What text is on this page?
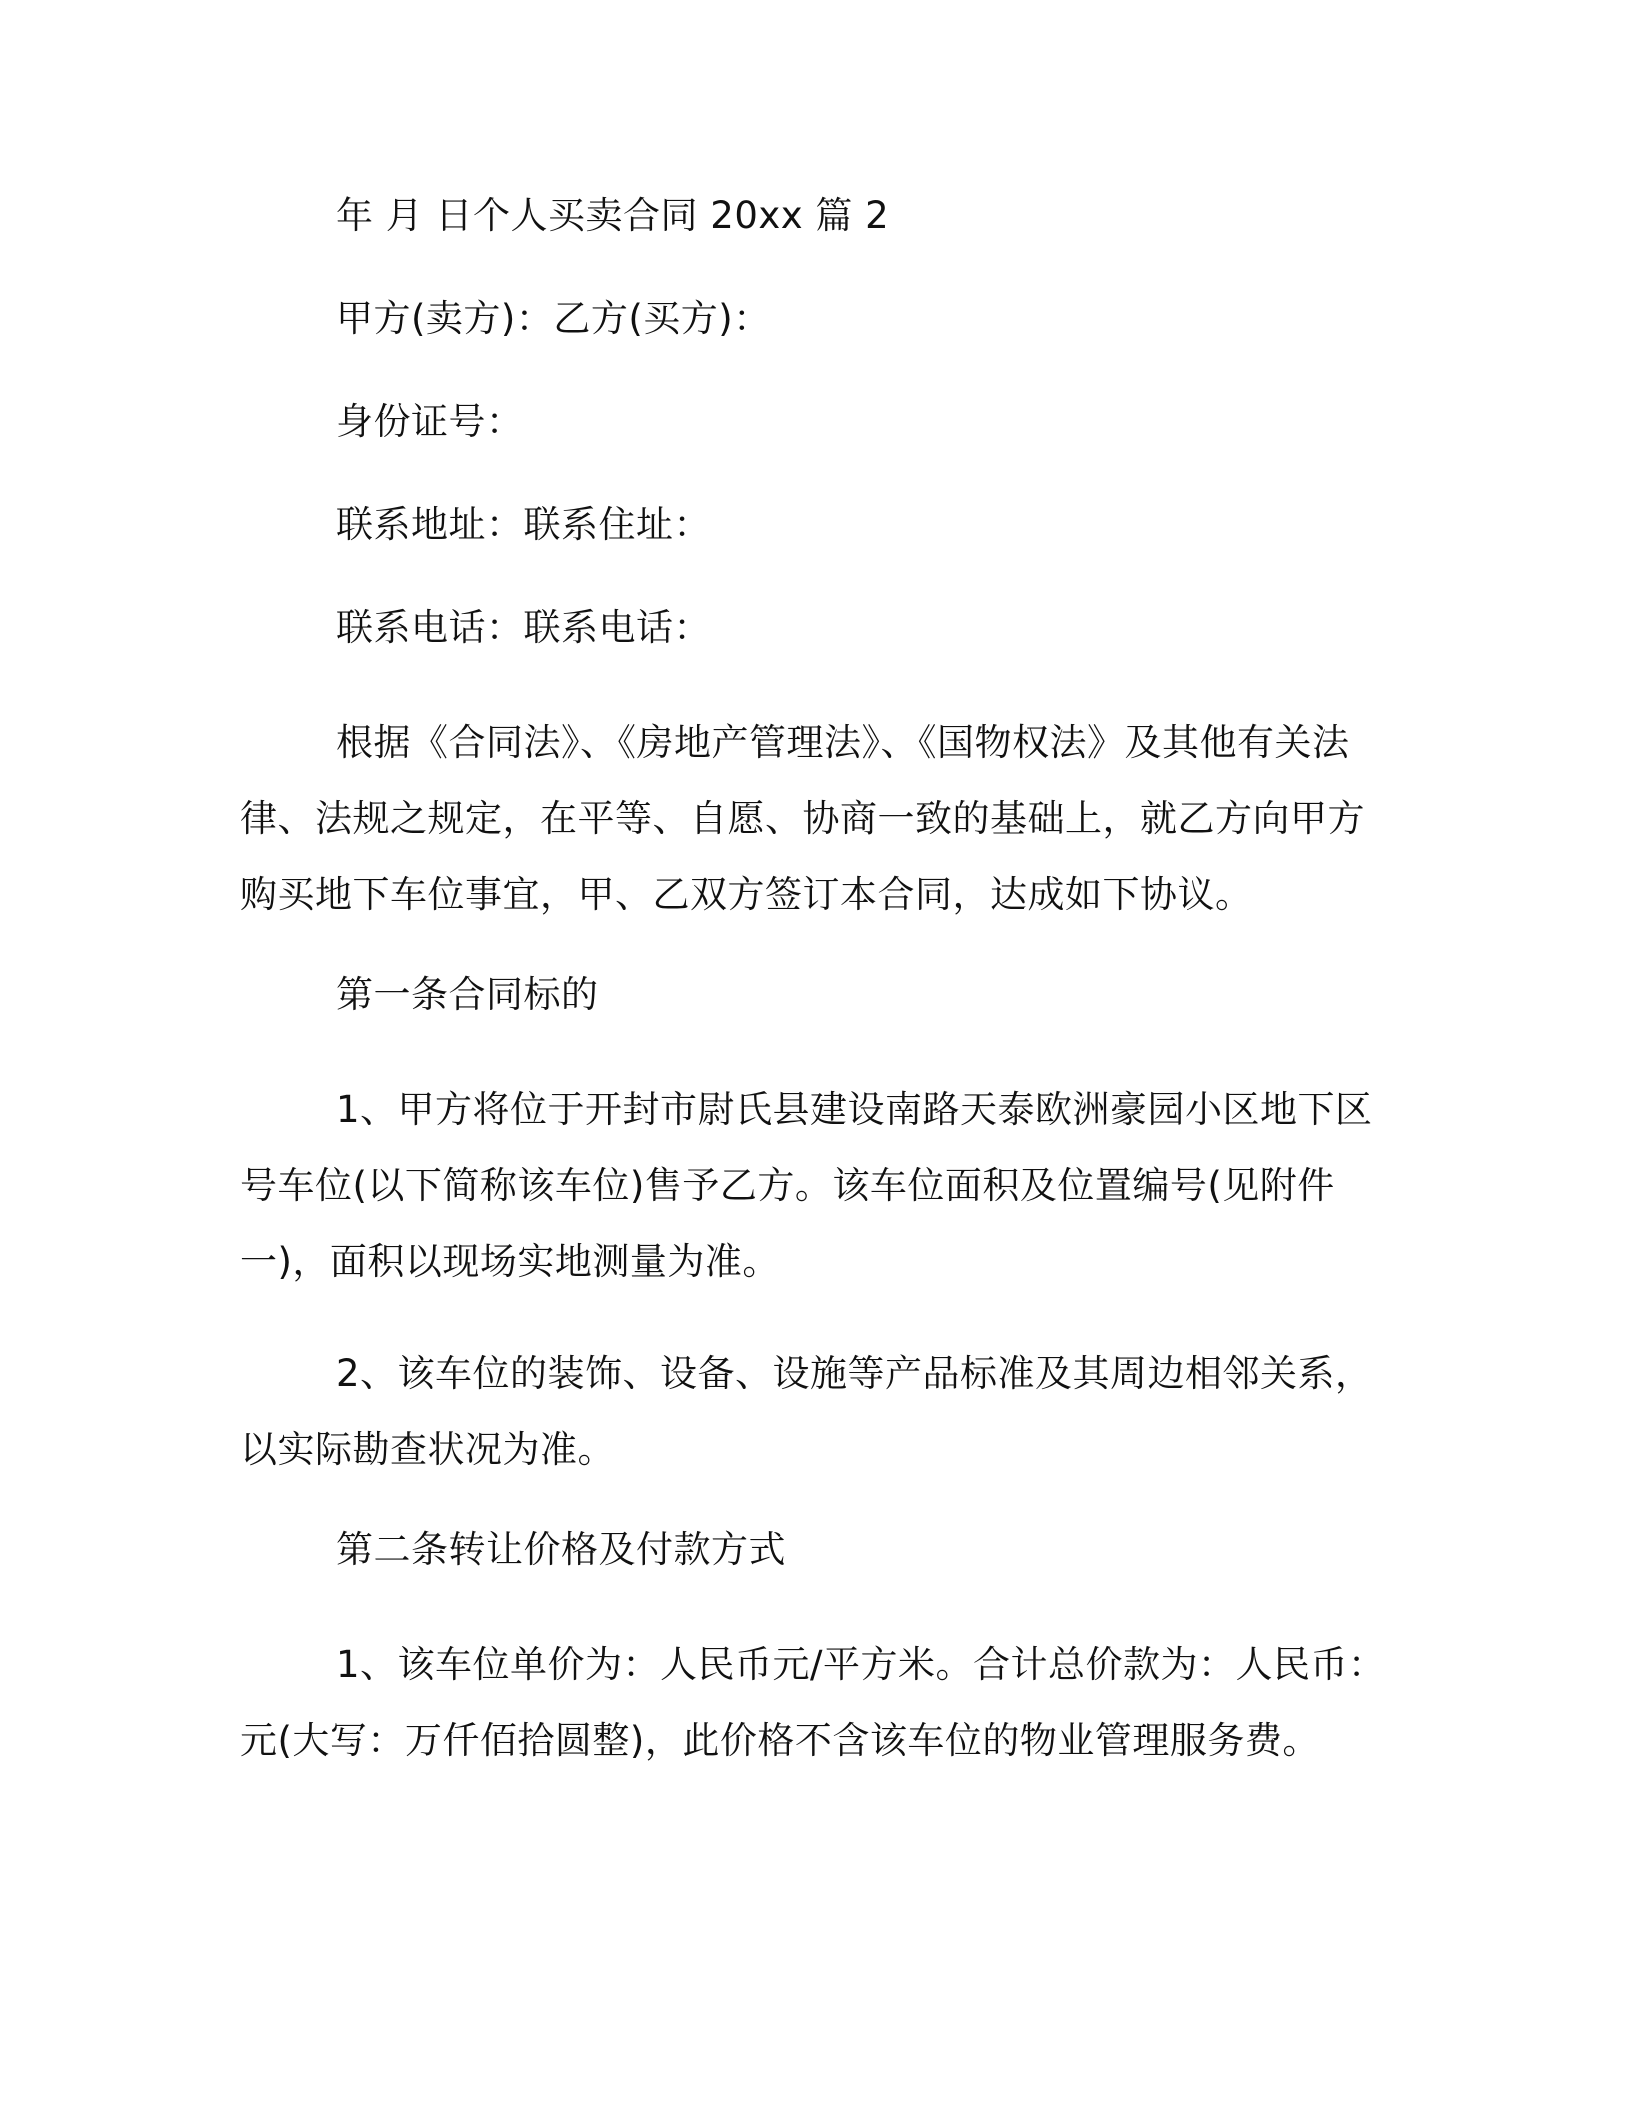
年 月 日个人买卖合同 20xx 篇 2

甲方(卖方)：乙方(买方)：

身份证号：

联系地址：联系住址：

联系电话：联系电话：

根据《合同法》、《房地产管理法》、《国物权法》及其他有关法律、法规之规定，在平等、自愿、协商一致的基础上，就乙方向甲方购买地下车位事宜，甲、乙双方签订本合同，达成如下协议。

第一条合同标的

1、甲方将位于开封市尉氏县建设南路天泰欧洲豪园小区地下区号车位(以下简称该车位)售予乙方。该车位面积及位置编号(见附件一)，面积以现场实地测量为准。

2、该车位的装饰、设备、设施等产品标准及其周边相邻关系，以实际勘查状况为准。

第二条转让价格及付款方式

1、该车位单价为：人民币元/平方米。合计总价款为：人民币：元(大写：万仟佰拾圆整)，此价格不含该车位的物业管理服务费。
